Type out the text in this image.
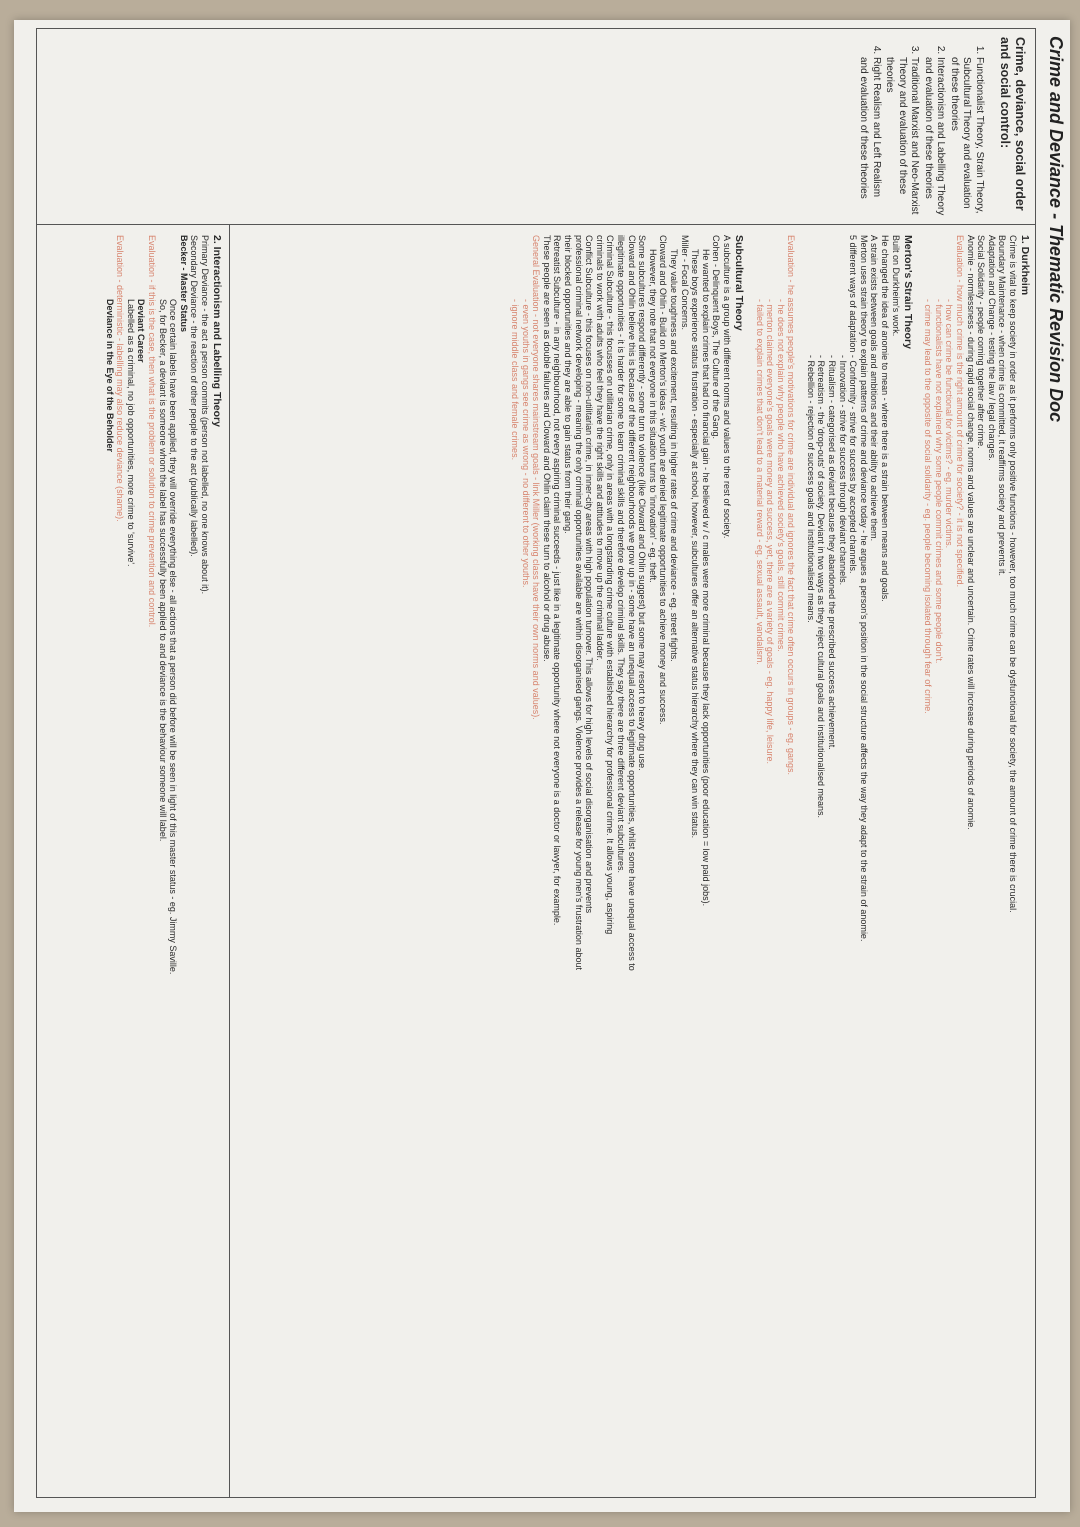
Crime and Deviance - Thematic Revision Doc
Crime, deviance, social order and social control:
1. Functionalist Theory, Strain Theory, Subcultural Theory and evaluation of these theories
2. Interactionism and Labelling Theory and evaluation of these theories
3. Traditional Marxist and Neo-Marxist Theory and evaluation of these theories
4. Right Realism and Left Realism and evaluation of these theories
1. Durkheim
Crime is vital to keep society in order as it performs only positive functions - however, too much crime can be dysfunctional for society, the amount of crime there is crucial.
Boundary Maintenance - when crime is committed, it reaffirms society and prevents it.
Adaptation and Change - testing the law / legal changes.
Social Solidarity - people coming together after crime.
Anomie - normlessness - during rapid social change, norms and values are unclear and uncertain. Crime rates will increase during periods of anomie.
Evaluation - how much crime is the right amount of crime for society? - it is not specified.
- how can crime be functional for victims? - eg. murder victims.
- functionalists have not explained why some people commit crimes and some people don't.
- crime may lead to the opposite of social solidarity - eg. people becoming isolated through fear of crime.
Merton's Strain Theory
Built on Durkheim's work.
He changed the idea of anomie to mean - where there is a strain between means and goals.
A strain exists between goals and ambitions and their ability to achieve them.
Merton uses strain theory to explain patterns of crime and deviance today - he argues a person's position in the social structure affects the way they adapt to the strain of anomie.
5 different ways of adaptation - Conformity - strive for success by accepted channels.
- Innovation - strive for success through deviant channels.
- Ritualism - categorised as deviant because they abandoned the prescribed success achievement.
- Retreatism - the 'drop-outs' of society. Deviant in two ways as they reject cultural goals and institutionalised means.
- Rebellion - rejection of success goals and institutionalised means.
Evaluation - he assumes people's motivations for crime are individual and ignores the fact that crime often occurs in groups - eg. gangs.
- he does not explain why people who have achieved society's goals, still commit crimes.
- merton claimed everyone's goals were money and success, yet, there are a variety of goals - eg. happy life, leisure.
- failed to explain crimes that don't lead to a material reward - eg. sexual assault, vandalism.
Subcultural Theory
A subculture is a group with different norms and values to the rest of society.
Cohen - Delinquent Boys, The Culture of the Gang.
He wanted to explain crimes that had no financial gain - he believed w / c males were more criminal because they lack opportunities (poor education = low paid jobs).
These boys experience status frustration - especially at school, however, subcultures offer an alternative status hierarchy where they can win status.
Miller - Focal Concerns.
They value toughness and excitement, resulting in higher rates of crime and deviance - eg. street fights.
Cloward and Ohlin - Build on Merton's ideas - w/c youth are denied legitimate opportunities to achieve money and success.
However, they note that not everyone in this situation turns to 'innovation' - eg. theft.
Some subcultures respond differently - some turn to violence (like Cloward and Ohlin suggest) but some may resort to heavy drug use.
Cloward and Ohlin believe this is because of the different neighbourhoods we grow up in - some have an unequal access to legitimate opportunities, whilst some have unequal access to
illegitimate opportunities - it is harder for some to learn criminal skills and therefore develop criminal skills. They say there are three different deviant subcultures.
Criminal Subculture - this focusses on utilitarian crime, only in areas with a longstanding crime culture with established hierarchy for professional crime. It allows young, aspiring
criminals to work with adults who feel they have the right skills and attitudes to move up the criminal ladder.
Conflict Subculture - this focuses on non-utilitarian crime, in inner-city areas with high population turnover. This allows for high levels of social disorganisation and prevents
professional criminal network developing - meaning the only criminal opportunities available are within disorganised gangs. Violence provides a release for young men's frustration about
their blocked opportunities and they are able to gain status from their gang.
Retreatist Subculture - in any neighbourhood, not every aspiring criminal succeeds - just like in a legitimate opportunity where not everyone is a doctor or lawyer, for example.
These people are seen as double failures and Cloward and Ohlin claim these turn to alcohol or drug abuse.
General Evaluation - not everyone shares mainstream goals - link Miller (working class have their own norms and values).
- even youths in gangs see crime as wrong - no different to other youths.
- ignore middle class and female crimes.
2. Interactionism and Labelling Theory
Primary Deviance - the act a person commits (person not labelled, no one knows about it).
Secondary Deviance - the reaction of other people to the act (publically labelled).
Becker - Master Status
Once certain labels have been applied, they will override everything else - all actions that a person did before will be seen in light of this master status - eg. Jimmy Saville.
So, for Becker, a deviant is someone whom the label has successfully been applied to and deviance is the behaviour someone will label.
Evaluation - if this is the case, then what is the problem or solution to crime prevention and control.
Deviant Career
Labelled as a criminal, no job opportunities, more crime to 'survive'.
Evaluation - deterministic - labelling may also reduce deviance (shame).
Deviance in the Eye of the Beholder
